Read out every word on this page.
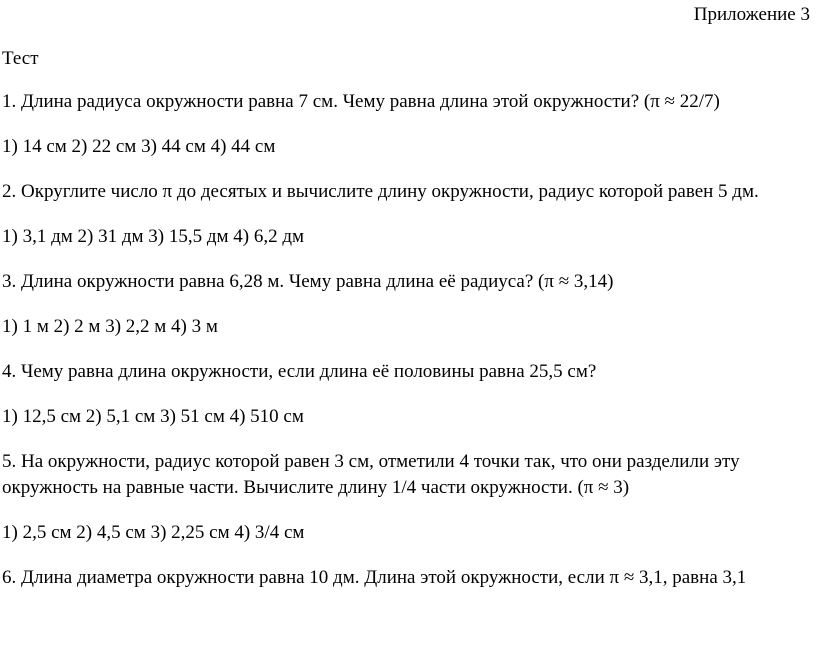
Приложение 3

Тест

1. Длина радиуса окружности равна 7 см. Чему равна длина этой окружности? (π ≈ 22/7)

1) 14 см 2) 22 см 3) 44 см 4) 44 см

2. Округлите число π до десятых и вычислите длину окружности, радиус которой равен 5 дм.

1) 3,1 дм 2) 31 дм 3) 15,5 дм 4) 6,2 дм

3. Длина окружности равна 6,28 м. Чему равна длина её радиуса? (π ≈ 3,14)

1) 1 м 2) 2 м 3) 2,2 м 4) 3 м

4. Чему равна длина окружности, если длина её половины равна 25,5 см?

1) 12,5 см 2) 5,1 см 3) 51 см 4) 510 см

5. На окружности, радиус которой равен 3 см, отметили 4 точки так, что они разделили эту окружность на равные части. Вычислите длину 1/4 части окружности. (π ≈ 3)

1) 2,5 см 2) 4,5 см 3) 2,25 см 4) 3/4 см

6. Длина диаметра окружности равна 10 дм. Длина этой окружности, если π ≈ 3,1, равна 3,1
